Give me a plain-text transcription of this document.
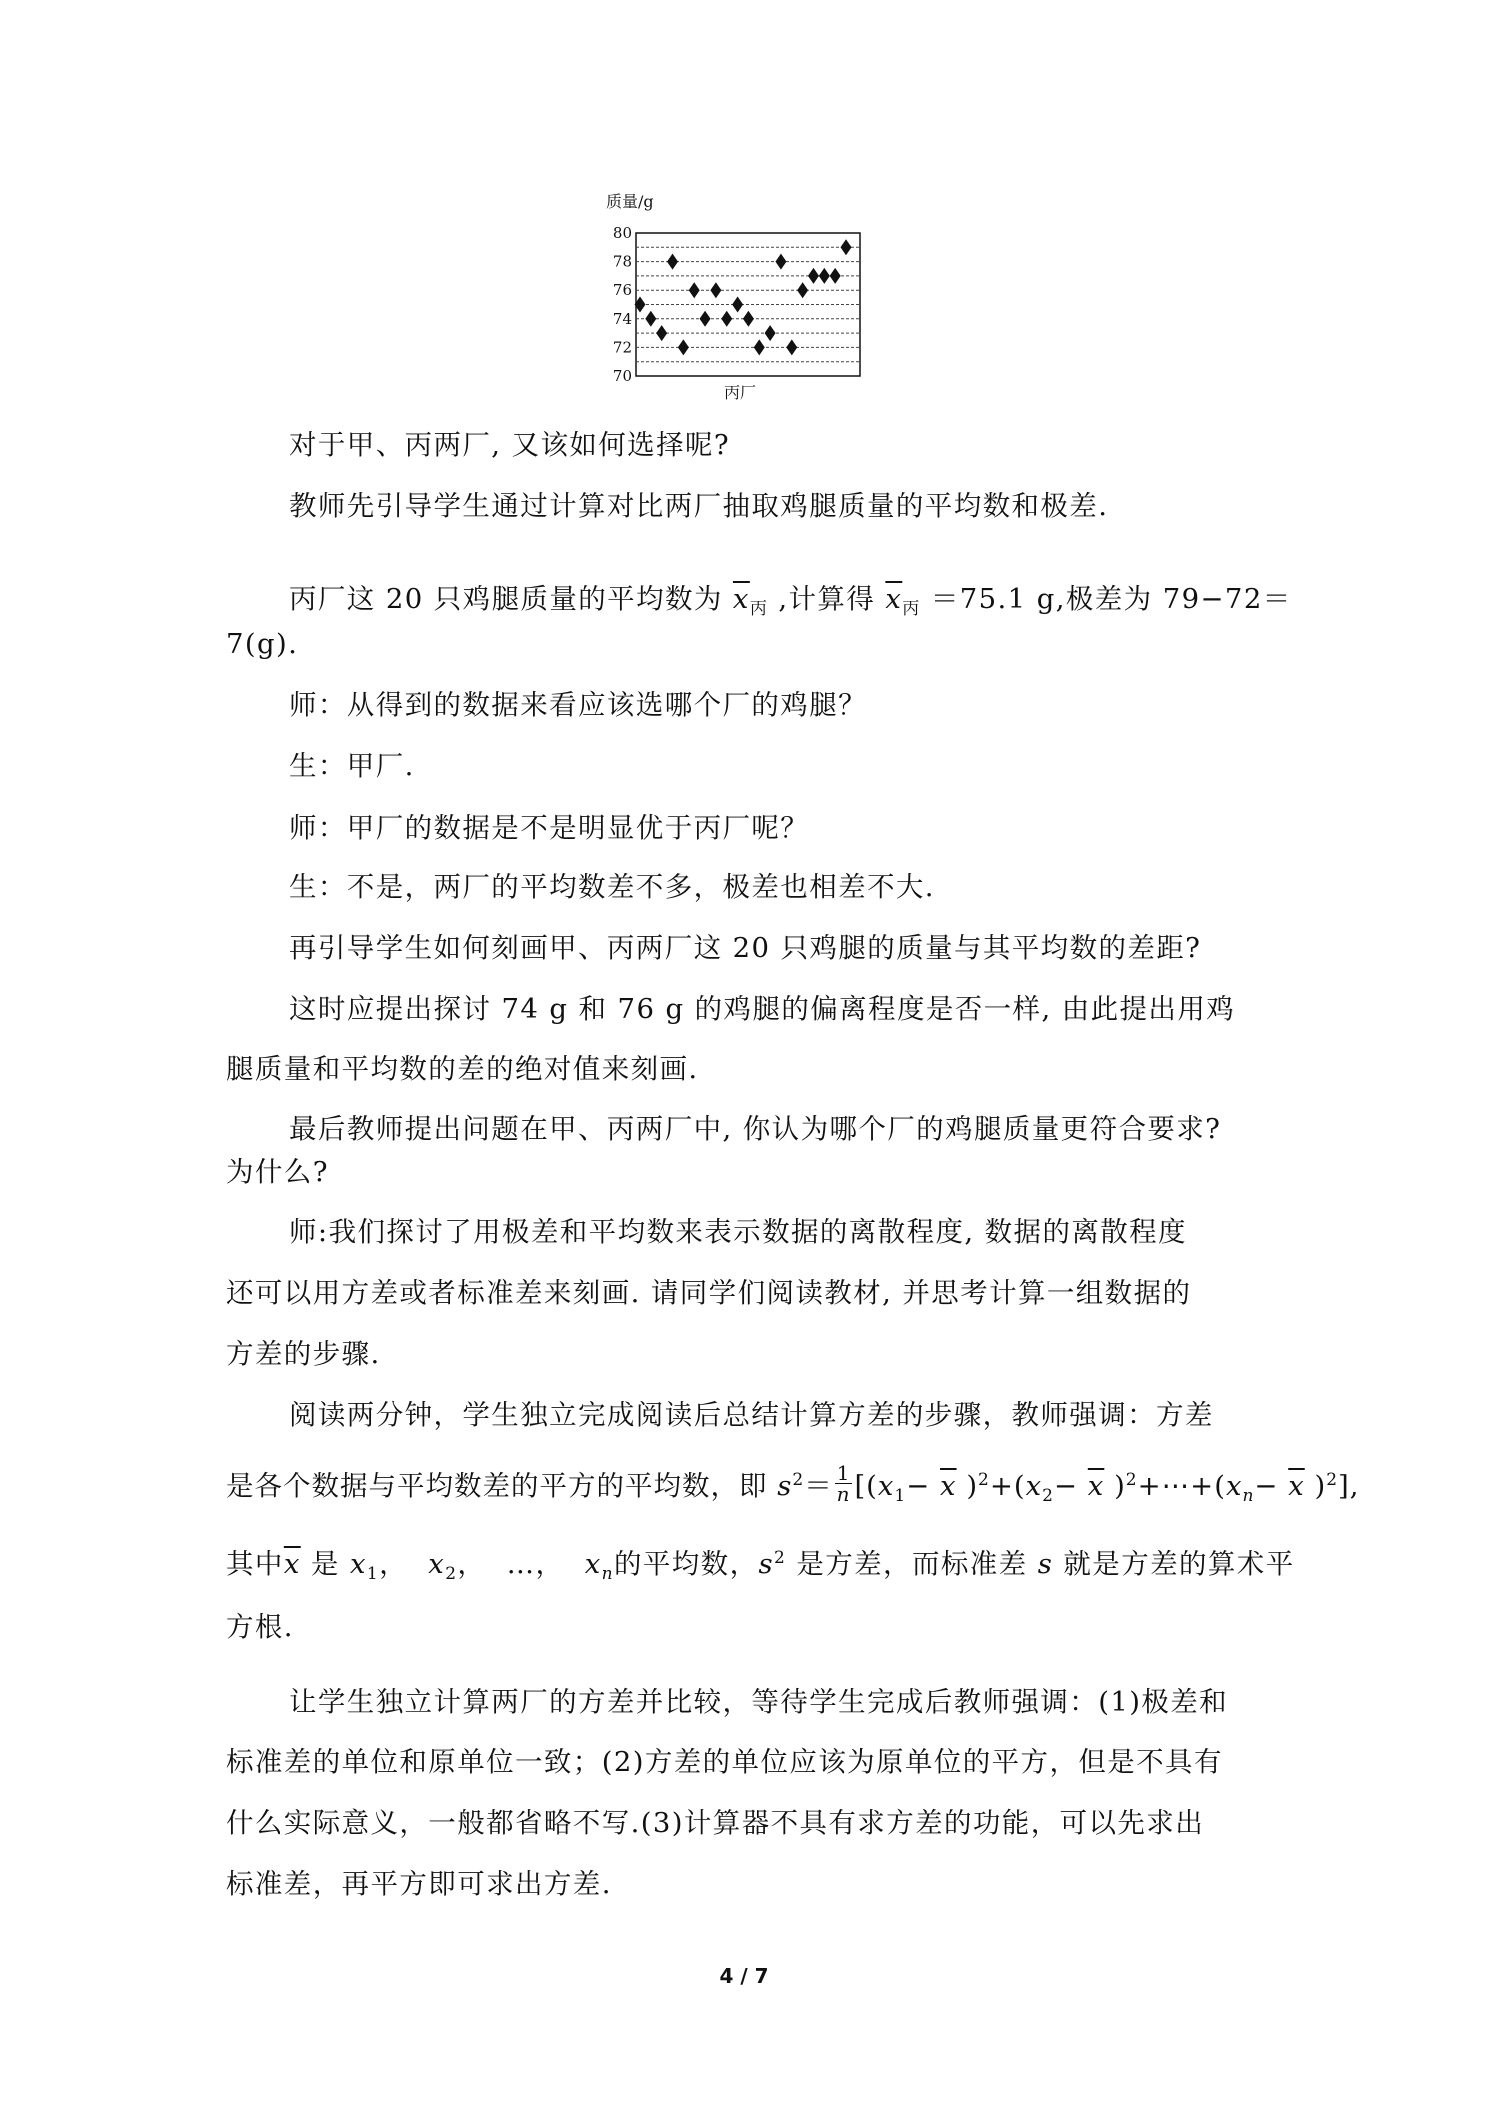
质量/g
丙厂
80
78
76
74
72
70
对于甲、丙两厂, 又该如何选择呢?
教师先引导学生通过计算对比两厂抽取鸡腿质量的平均数和极差.
丙厂这 20 只鸡腿质量的平均数为 $\overline{x}_丙$ ,计算得 $\overline{x}_丙 =75.1$ g,极差为 79−72＝
7(g).
师：从得到的数据来看应该选哪个厂的鸡腿？
生：甲厂.
师：甲厂的数据是不是明显优于丙厂呢？
生：不是，两厂的平均数差不多，极差也相差不大.
再引导学生如何刻画甲、丙两厂这 20 只鸡腿的质量与其平均数的差距?
这时应提出探讨 74 g 和 76 g 的鸡腿的偏离程度是否一样, 由此提出用鸡
腿质量和平均数的差的绝对值来刻画.
最后教师提出问题在甲、丙两厂中, 你认为哪个厂的鸡腿质量更符合要求?
为什么?
师:我们探讨了用极差和平均数来表示数据的离散程度, 数据的离散程度
还可以用方差或者标准差来刻画. 请同学们阅读教材, 并思考计算一组数据的
方差的步骤.
阅读两分钟，学生独立完成阅读后总结计算方差的步骤，教师强调：方差
是各个数据与平均数差的平方的平均数，即 $s^2= \frac{1}{n} [(x_1- \overline{x}$ )$^2+(x_2- \overline{x}$ )$^2+\cdots+(x_n- \overline{x}$ )$^2$],
其中$\overline{x}$ 是 $x_1$，  $x_2$，  …，  $x_n$的平均数，$s^2$ 是方差，而标准差 s 就是方差的算术平
方根.
让学生独立计算两厂的方差并比较，等待学生完成后教师强调：(1)极差和
标准差的单位和原单位一致；(2)方差的单位应该为原单位的平方，但是不具有
什么实际意义，一般都省略不写.(3)计算器不具有求方差的功能，可以先求出
标准差，再平方即可求出方差.
4 / 7
